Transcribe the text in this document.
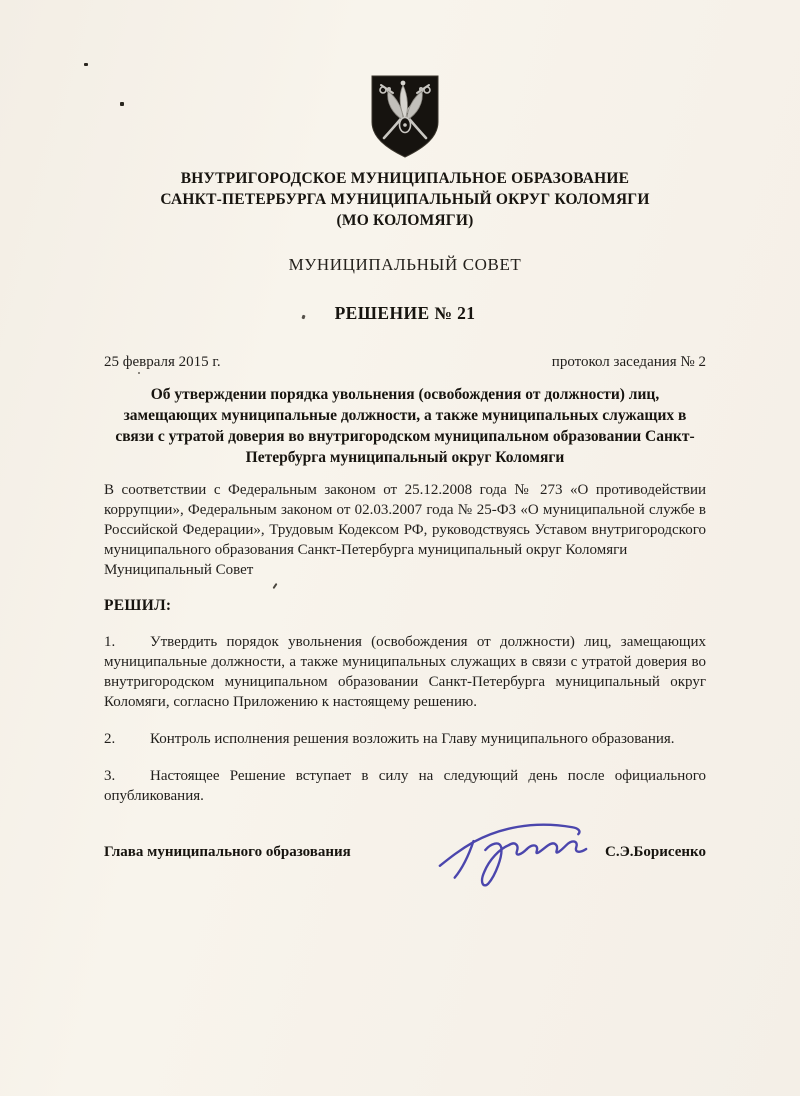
ВНУТРИГОРОДСКОЕ МУНИЦИПАЛЬНОЕ ОБРАЗОВАНИЕ
САНКТ-ПЕТЕРБУРГА МУНИЦИПАЛЬНЫЙ ОКРУГ КОЛОМЯГИ
(МО КОЛОМЯГИ)
МУНИЦИПАЛЬНЫЙ СОВЕТ
РЕШЕНИЕ № 21
25 февраля 2015 г.	протокол заседания № 2
Об утверждении порядка увольнения (освобождения от должности) лиц, замещающих муниципальные должности, а также муниципальных служащих в связи с утратой доверия во внутригородском муниципальном образовании Санкт-Петербурга муниципальный округ Коломяги
В соответствии с Федеральным законом от 25.12.2008 года № 273 «О противодействии коррупции», Федеральным законом от 02.03.2007 года № 25-ФЗ «О муниципальной службе в Российской Федерации», Трудовым Кодексом РФ, руководствуясь Уставом внутригородского муниципального образования Санкт-Петербурга муниципальный округ Коломяги
Муниципальный Совет
РЕШИЛ:
1. Утвердить порядок увольнения (освобождения от должности) лиц, замещающих муниципальные должности, а также муниципальных служащих в связи с утратой доверия во внутригородском муниципальном образовании Санкт-Петербурга муниципальный округ Коломяги, согласно Приложению к настоящему решению.
2. Контроль исполнения решения возложить на Главу муниципального образования.
3. Настоящее Решение вступает в силу на следующий день после официального опубликования.
Глава муниципального образования	С.Э.Борисенко
